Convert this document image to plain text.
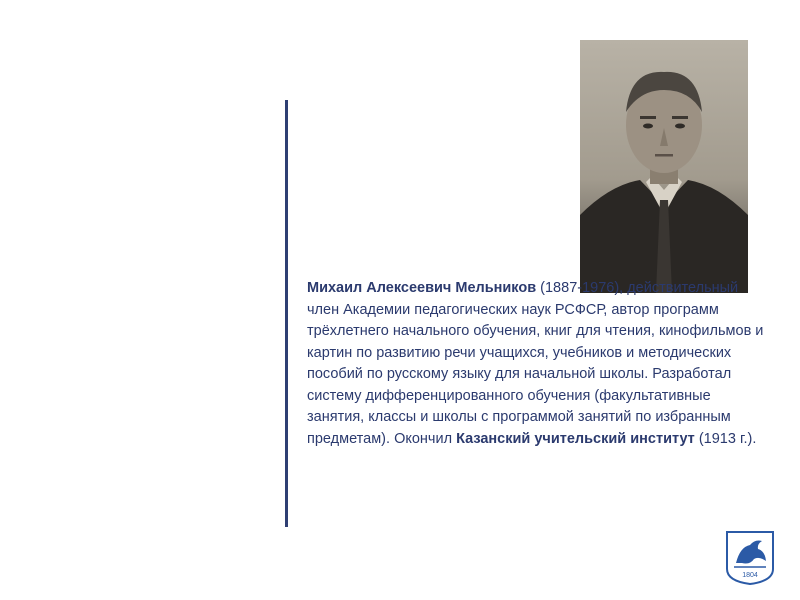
Михаил Алексеевич Мельников (1887-1976), действительный член Академии педагогических наук РСФСР, автор программ трёхлетнего начального обучения, книг для чтения, кинофильмов и картин по развитию речи учащихся, учебников и методических пособий по русскому языку для начальной школы. Разработал систему дифференцированного обучения (факультативные занятия, классы и школы с программой занятий по избранным предметам). Окончил Казанский учительский институт (1913 г.).
1804
